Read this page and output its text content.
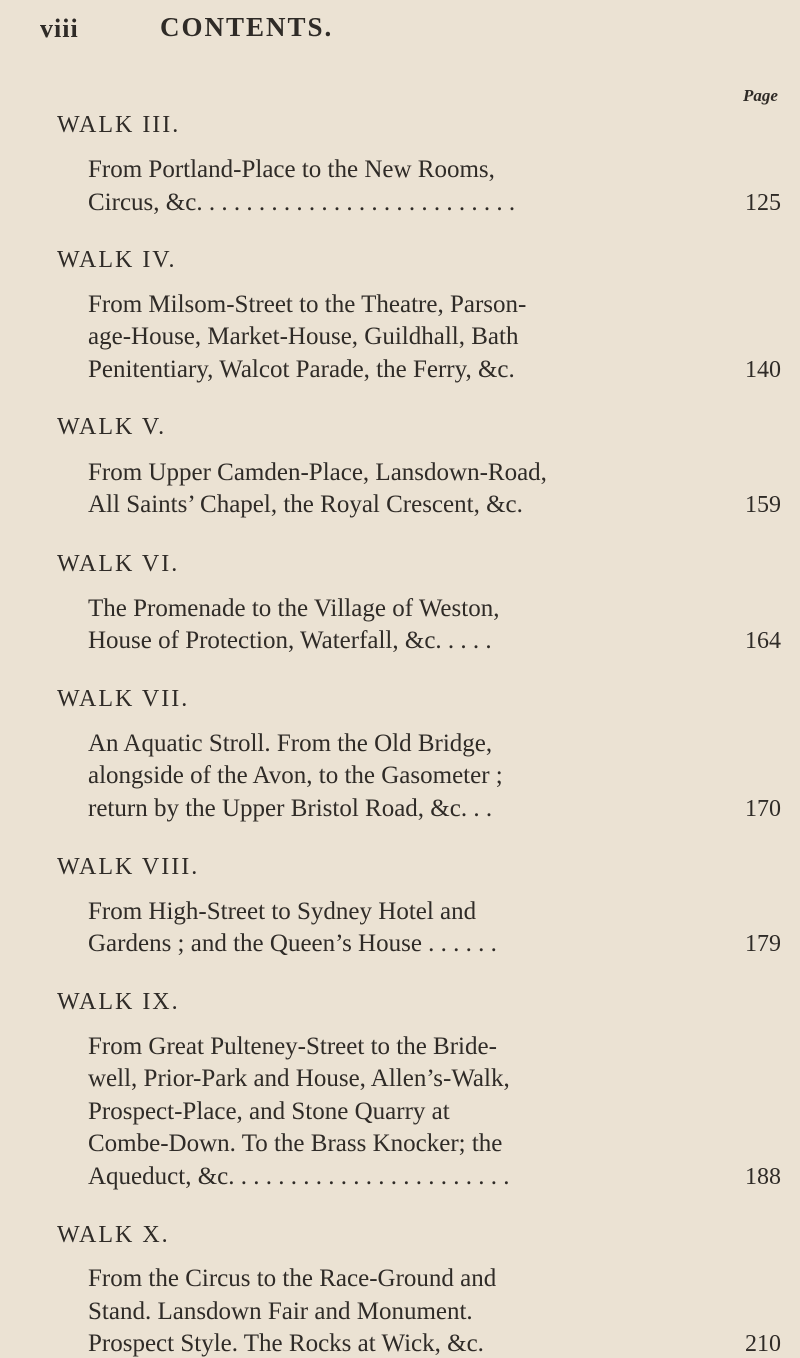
viii	CONTENTS.
Page
WALK III.
From Portland-Place to the New Rooms,
Circus, &c. . . . . . . . . . . . . . . . . . . . . . . . . .	125
WALK IV.
From Milsom-Street to the Theatre, Parson-
age-House, Market-House, Guildhall, Bath
Penitentiary, Walcot Parade, the Ferry, &c.	140
WALK V.
From Upper Camden-Place, Lansdown-Road,
All Saints’ Chapel, the Royal Crescent, &c.	159
WALK VI.
The Promenade to the Village of Weston,
House of Protection, Waterfall, &c. . . . .	164
WALK VII.
An Aquatic Stroll. From the Old Bridge,
alongside of the Avon, to the Gasometer ;
return by the Upper Bristol Road, &c. . .	170
WALK VIII.
From High-Street to Sydney Hotel and
Gardens ; and the Queen’s House . . . . . .	179
WALK IX.
From Great Pulteney-Street to the Bride-
well, Prior-Park and House, Allen’s-Walk,
Prospect-Place, and Stone Quarry at
Combe-Down. To the Brass Knocker; the
Aqueduct, &c. . . . . . . . . . . . . . . . . . . . . . .	188
WALK X.
From the Circus to the Race-Ground and
Stand. Lansdown Fair and Monument.
Prospect Style. The Rocks at Wick, &c.	210
